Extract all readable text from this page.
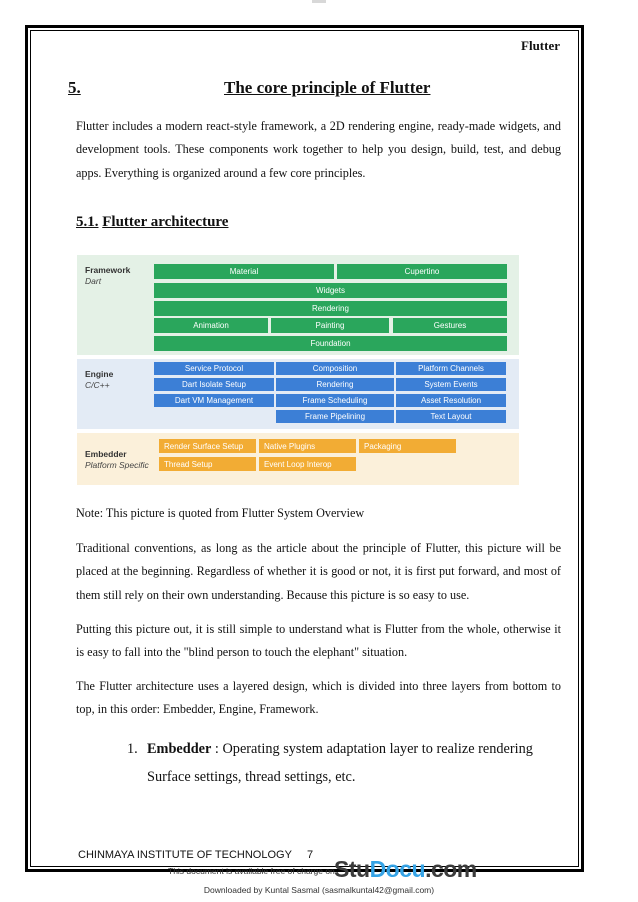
Flutter
5.	The core principle of Flutter
Flutter includes a modern react-style framework, a 2D rendering engine, ready-made widgets, and development tools. These components work together to help you design, build, test, and debug apps. Everything is organized around a few core principles.
5.1. Flutter architecture
Framework
Dart
Material	Cupertino
Widgets
Rendering
Animation	Painting	Gestures
Foundation
Engine
C/C++
Service Protocol	Composition	Platform Channels
Dart Isolate Setup	Rendering	System Events
Dart VM Management	Frame Scheduling	Asset Resolution
Frame Pipelining	Text Layout
Embedder
Platform Specific
Render Surface Setup	Native Plugins	Packaging
Thread Setup	Event Loop Interop
Note: This picture is quoted from Flutter System Overview
Traditional conventions, as long as the article about the principle of Flutter, this picture will be placed at the beginning. Regardless of whether it is good or not, it is first put forward, and most of them still rely on their own understanding. Because this picture is so easy to use.
Putting this picture out, it is still simple to understand what is Flutter from the whole, otherwise it is easy to fall into the "blind person to touch the elephant" situation.
The Flutter architecture uses a layered design, which is divided into three layers from bottom to top, in this order: Embedder, Engine, Framework.
1. Embedder : Operating system adaptation layer to realize rendering Surface settings, thread settings, etc.
CHINMAYA INSTITUTE OF TECHNOLOGY 7
This document is available free of charge on StuDocu.com
Downloaded by Kuntal Sasmal (sasmalkuntal42@gmail.com)
